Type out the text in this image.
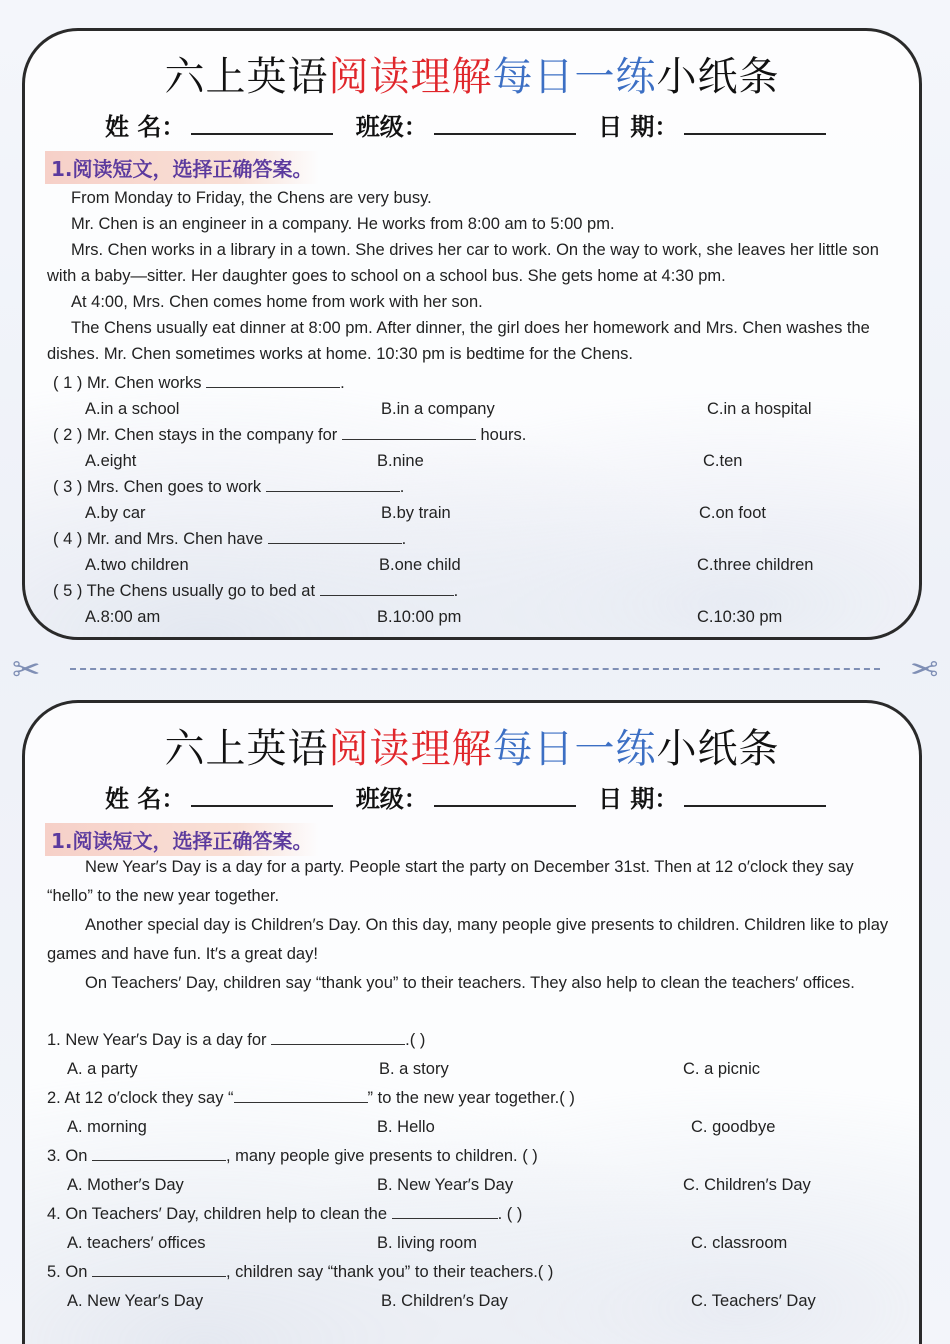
六上英语阅读理解每日一练小纸条
姓 名：	班级：	日 期：
1.阅读短文，选择正确答案。

From Monday to Friday, the Chens are very busy.

Mr. Chen is an engineer in a company. He works from 8:00 am to 5:00 pm.

Mrs. Chen works in a library in a town. She drives her car to work. On the way to work, she leaves her little son with a baby—sitter. Her daughter goes to school on a school bus. She gets home at 4:30 pm.

At 4:00, Mrs. Chen comes home from work with her son.

The Chens usually eat dinner at 8:00 pm. After dinner, the girl does her homework and Mrs. Chen washes the dishes. Mr. Chen sometimes works at home. 10:30 pm is bedtime for the Chens.

( 1 ) Mr. Chen works	.
A.in a school	B.in a company	C.in a hospital
( 2 ) Mr. Chen stays in the company for	hours.
A.eight	B.nine	C.ten
( 3 ) Mrs. Chen goes to work	.
A.by car	B.by train	C.on foot
( 4 ) Mr. and Mrs. Chen have	.
A.two children	B.one child	C.three children
( 5 ) The Chens usually go to bed at	.
A.8:00 am	B.10:00 pm	C.10:30 pm
✂	✂
六上英语阅读理解每日一练小纸条
姓 名：	班级：	日 期：
1.阅读短文，选择正确答案。

New Year′s Day is a day for a party. People start the party on December 31st. Then at 12 o′clock they say “hello” to the new year together.

Another special day is Children′s Day. On this day, many people give presents to children. Children like to play games and have fun. It′s a great day!

On Teachers′ Day, children say “thank you” to their teachers. They also help to clean the teachers′ offices.

1. New Year′s Day is a day for	.( )
A. a party	B. a story	C. a picnic
2. At 12 o′clock they say “	” to the new year together.( )
A. morning	B. Hello	C. goodbye
3. On	, many people give presents to children. ( )
A. Mother′s Day	B. New Year′s Day	C. Children′s Day
4. On Teachers′ Day, children help to clean the	. ( )
A. teachers′ offices	B. living room	C. classroom
5. On	, children say “thank you” to their teachers.( )
A. New Year′s Day	B. Children′s Day	C. Teachers′ Day
